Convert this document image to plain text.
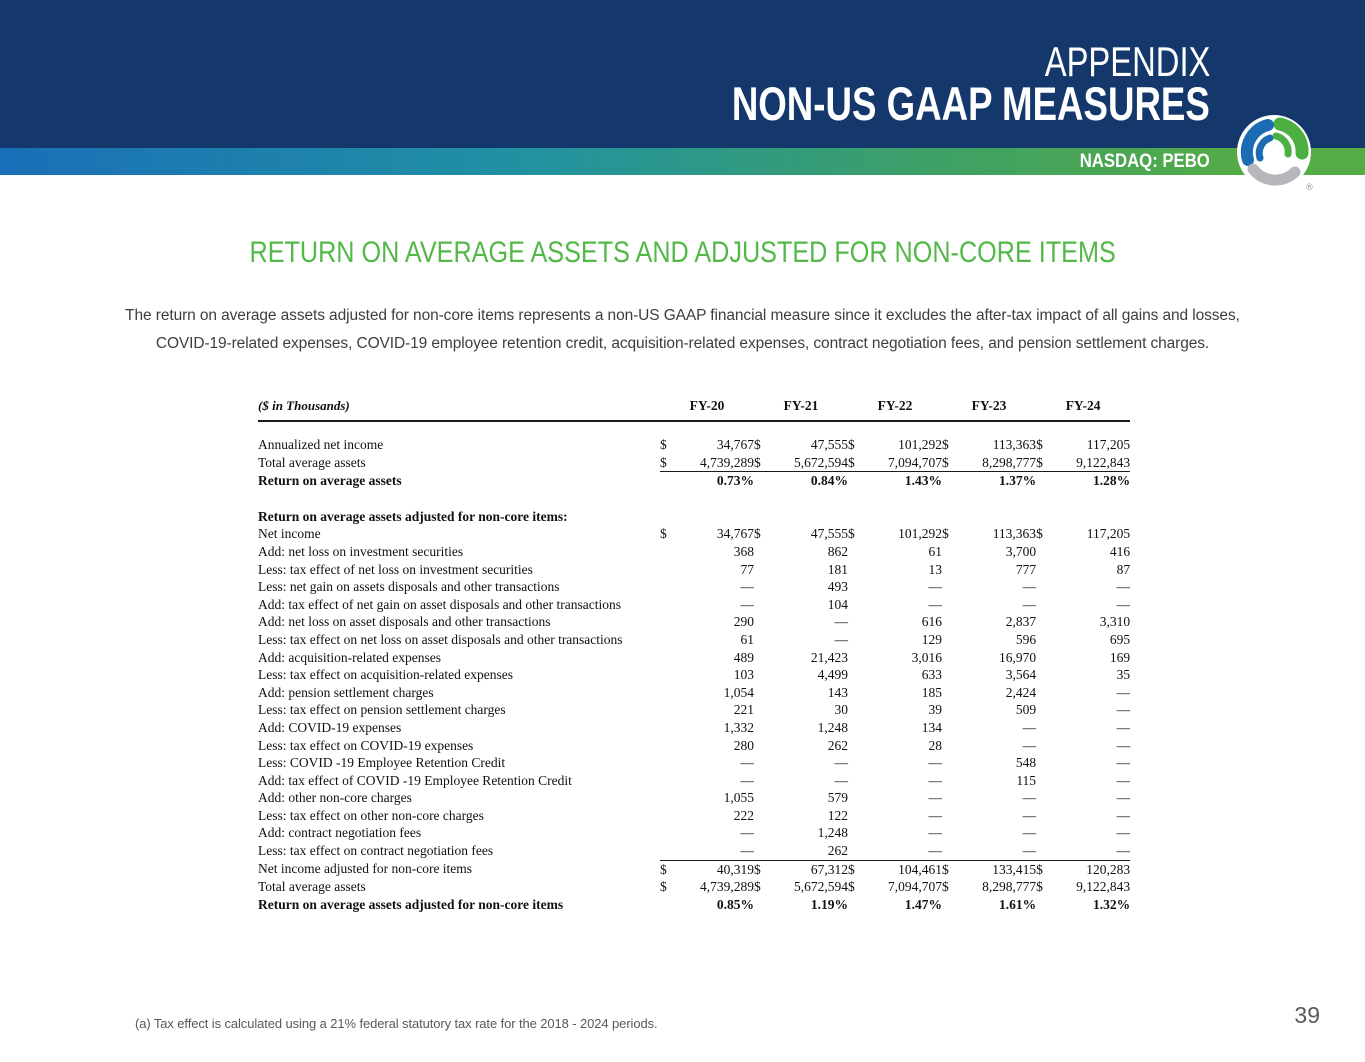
APPENDIX
NON-US GAAP MEASURES
NASDAQ: PEBO
®
RETURN ON AVERAGE ASSETS AND ADJUSTED FOR NON-CORE ITEMS
The return on average assets adjusted for non-core items represents a non-US GAAP financial measure since it excludes the after-tax impact of all gains and losses,
COVID-19-related expenses, COVID-19 employee retention credit, acquisition-related expenses, contract negotiation fees, and pension settlement charges.
($ in Thousands)	FY-20		FY-21		FY-22		FY-23		FY-24	
Annualized net income	$	34,767	$	47,555	$	101,292	$	113,363	$	117,205
Total average assets	$	4,739,289	$	5,672,594	$	7,094,707	$	8,298,777	$	9,122,843
Return on average assets		0.73%		0.84%		1.43%		1.37%		1.28%
Return on average assets adjusted for non-core items:										
Net income	$	34,767	$	47,555	$	101,292	$	113,363	$	117,205
Add: net loss on investment securities		368		862		61		3,700		416
Less: tax effect of net loss on investment securities		77		181		13		777		87
Less: net gain on assets disposals and other transactions		—		493		—		—		—
Add: tax effect of net gain on asset disposals and other transactions		—		104		—		—		—
Add: net loss on asset disposals and other transactions		290		—		616		2,837		3,310
Less: tax effect on net loss on asset disposals and other transactions		61		—		129		596		695
Add: acquisition-related expenses		489		21,423		3,016		16,970		169
Less: tax effect on acquisition-related expenses		103		4,499		633		3,564		35
Add: pension settlement charges		1,054		143		185		2,424		—
Less: tax effect on pension settlement charges		221		30		39		509		—
Add: COVID-19 expenses		1,332		1,248		134		—		—
Less: tax effect on COVID-19 expenses		280		262		28		—		—
Less: COVID -19 Employee Retention Credit		—		—		—		548		—
Add: tax effect of COVID -19 Employee Retention Credit		—		—		—		115		—
Add: other non-core charges		1,055		579		—		—		—
Less: tax effect on other non-core charges		222		122		—		—		—
Add: contract negotiation fees		—		1,248		—		—		—
Less: tax effect on contract negotiation fees		—		262		—		—		—
Net income adjusted for non-core items	$	40,319	$	67,312	$	104,461	$	133,415	$	120,283
Total average assets	$	4,739,289	$	5,672,594	$	7,094,707	$	8,298,777	$	9,122,843
Return on average assets adjusted for non-core items		0.85%		1.19%		1.47%		1.61%		1.32%
(a) Tax effect is calculated using a 21% federal statutory tax rate for the 2018 - 2024 periods.	39
